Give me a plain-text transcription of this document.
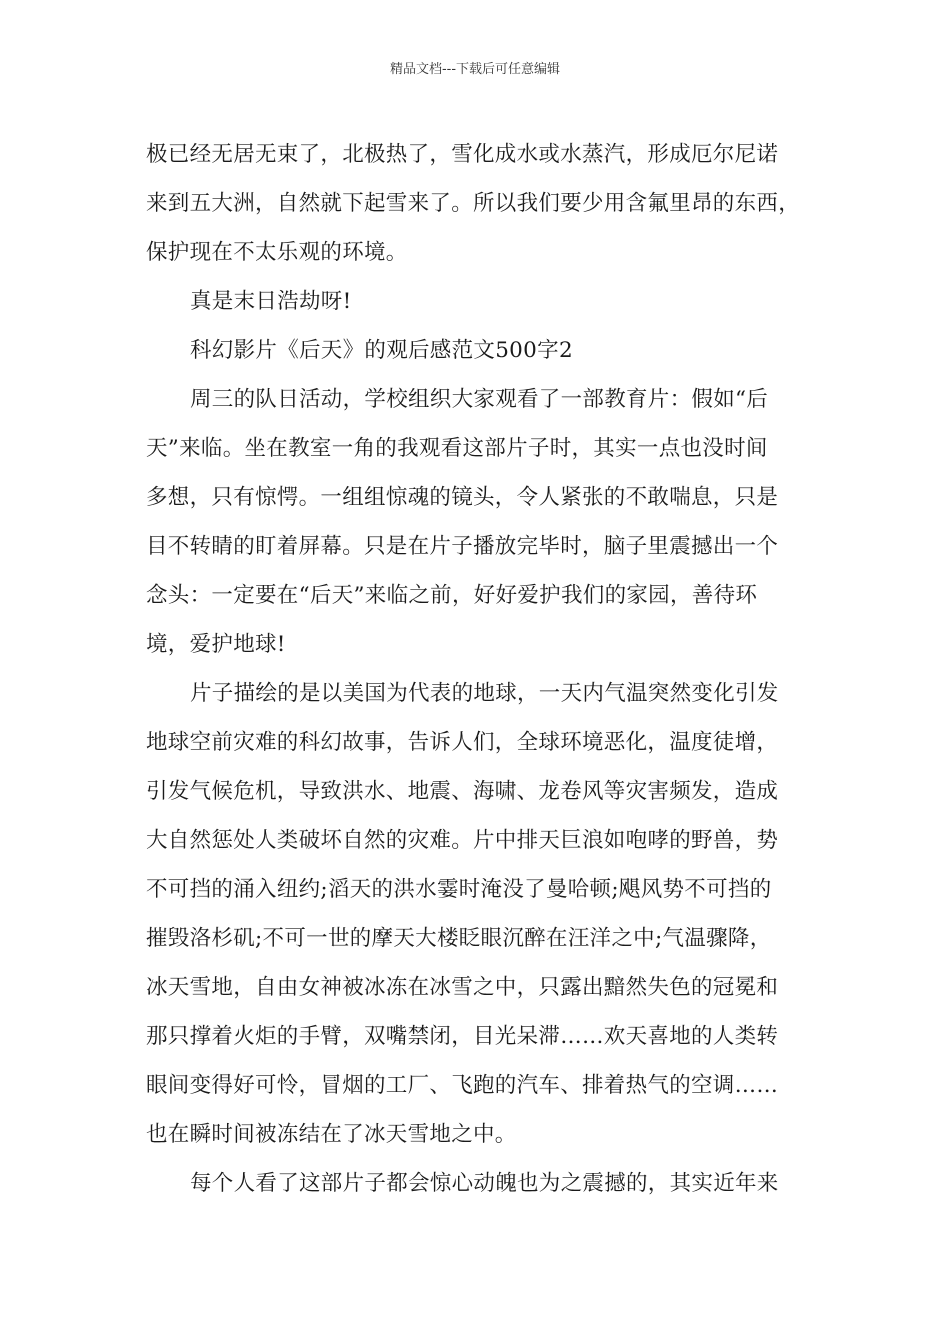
精品文档---下载后可任意编辑
极已经无居无束了，北极热了，雪化成水或水蒸汽，形成厄尔尼诺
来到五大洲，自然就下起雪来了。所以我们要少用含氟里昂的东西，
保护现在不太乐观的环境。
真是末日浩劫呀!
科幻影片《后天》的观后感范文500字2
周三的队日活动，学校组织大家观看了一部教育片：假如“后
天”来临。坐在教室一角的我观看这部片子时，其实一点也没时间
多想，只有惊愕。一组组惊魂的镜头，令人紧张的不敢喘息，只是
目不转睛的盯着屏幕。只是在片子播放完毕时，脑子里震撼出一个
念头：一定要在“后天”来临之前，好好爱护我们的家园，善待环
境，爱护地球!
片子描绘的是以美国为代表的地球，一天内气温突然变化引发
地球空前灾难的科幻故事，告诉人们，全球环境恶化，温度徒增，
引发气候危机，导致洪水、地震、海啸、龙卷风等灾害频发，造成
大自然惩处人类破坏自然的灾难。片中排天巨浪如咆哮的野兽，势
不可挡的涌入纽约;滔天的洪水霎时淹没了曼哈顿;飓风势不可挡的
摧毁洛杉矶;不可一世的摩天大楼眨眼沉醉在汪洋之中;气温骤降，
冰天雪地，自由女神被冰冻在冰雪之中，只露出黯然失色的冠冕和
那只撑着火炬的手臂，双嘴禁闭，目光呆滞……欢天喜地的人类转
眼间变得好可怜，冒烟的工厂、飞跑的汽车、排着热气的空调……
也在瞬时间被冻结在了冰天雪地之中。
每个人看了这部片子都会惊心动魄也为之震撼的，其实近年来
